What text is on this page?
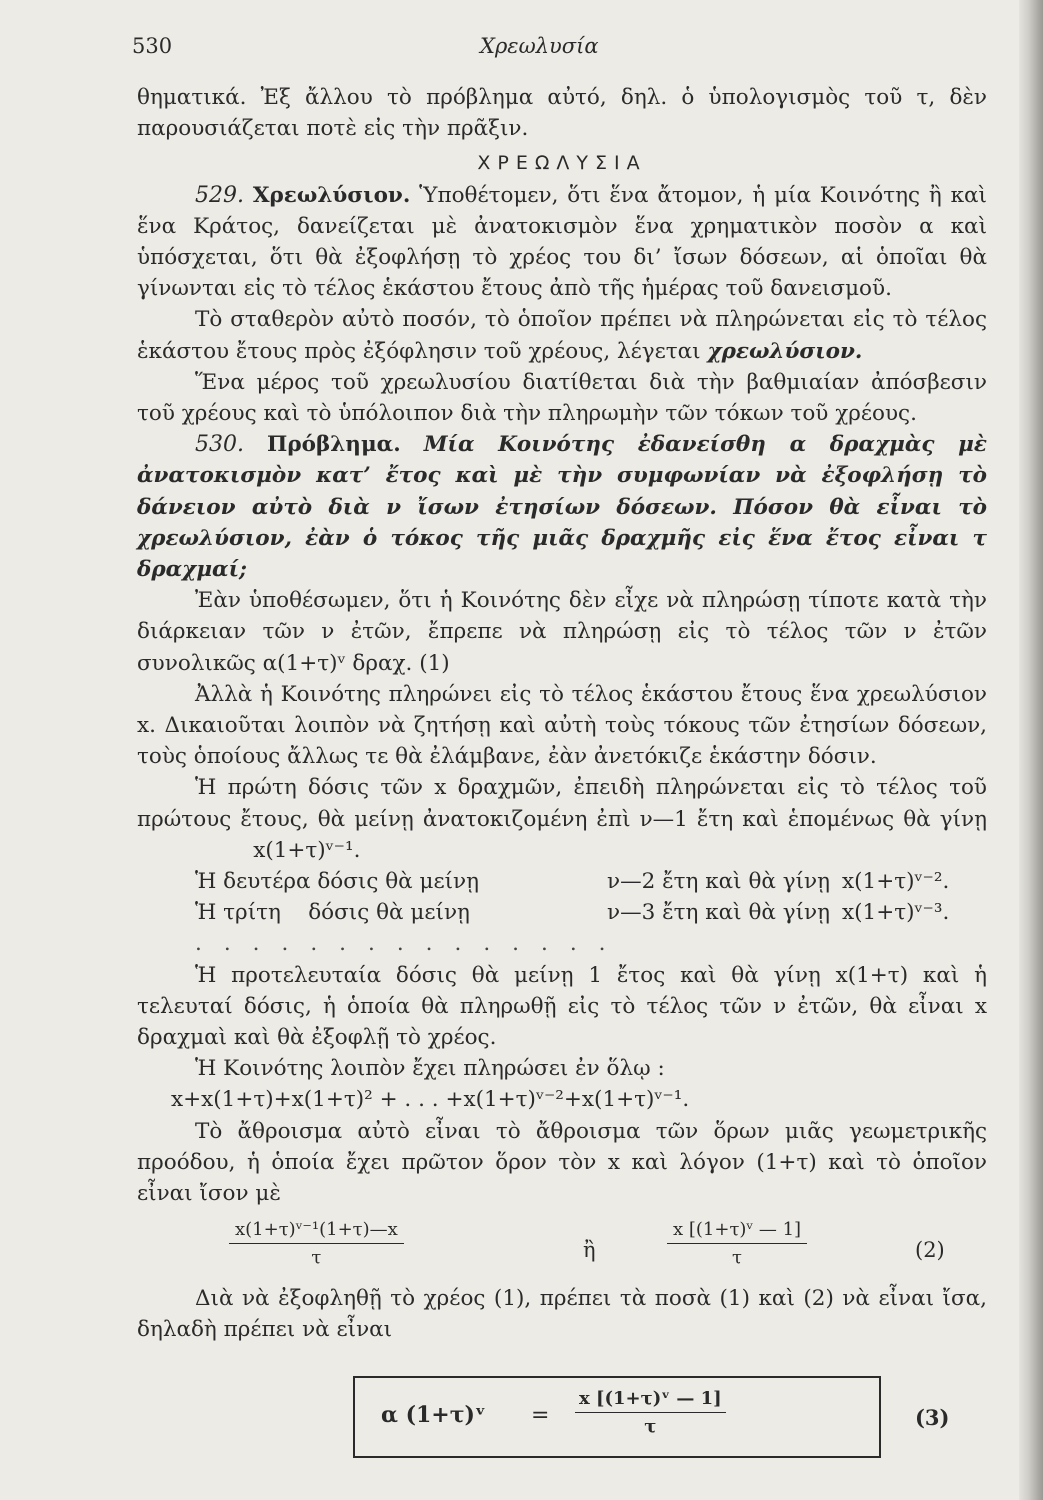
530	Χρεωλυσία

θηματικά. Ἐξ ἄλλου τὸ πρόβλημα αὐτό, δηλ. ὁ ὑπολογισμὸς τοῦ τ, δὲν παρουσιάζεται ποτὲ εἰς τὴν πρᾶξιν.

ΧΡΕΩΛΥΣΙΑ

529. Χρεωλύσιον. Ὑποθέτομεν, ὅτι ἕνα ἄτομον, ἡ μία Κοινότης ἢ καὶ ἕνα Κράτος, δανείζεται μὲ ἀνατοκισμὸν ἕνα χρηματικὸν ποσὸν α καὶ ὑπόσχεται, ὅτι θὰ ἐξοφλήσῃ τὸ χρέος του δι’ ἴσων δόσεων, αἱ ὁποῖαι θὰ γίνωνται εἰς τὸ τέλος ἑκάστου ἔτους ἀπὸ τῆς ἡμέρας τοῦ δανεισμοῦ.

Τὸ σταθερὸν αὐτὸ ποσόν, τὸ ὁποῖον πρέπει νὰ πληρώνεται εἰς τὸ τέλος ἑκάστου ἔτους πρὸς ἐξόφλησιν τοῦ χρέους, λέγεται χρεωλύσιον.

Ἕνα μέρος τοῦ χρεωλυσίου διατίθεται διὰ τὴν βαθμιαίαν ἀπόσβεσιν τοῦ χρέους καὶ τὸ ὑπόλοιπον διὰ τὴν πληρωμὴν τῶν τόκων τοῦ χρέους.

530. Πρόβλημα. Μία Κοινότης ἐδανείσθη α δραχμὰς μὲ ἀνατοκισμὸν κατ’ ἔτος καὶ μὲ τὴν συμφωνίαν νὰ ἐξοφλήσῃ τὸ δάνειον αὐτὸ διὰ ν ἴσων ἐτησίων δόσεων. Πόσον θὰ εἶναι τὸ χρεωλύσιον, ἐὰν ὁ τόκος τῆς μιᾶς δραχμῆς εἰς ἕνα ἔτος εἶναι τ δραχμαί;

Ἐὰν ὑποθέσωμεν, ὅτι ἡ Κοινότης δὲν εἶχε νὰ πληρώσῃ τίποτε κατὰ τὴν διάρκειαν τῶν ν ἐτῶν, ἔπρεπε νὰ πληρώσῃ εἰς τὸ τέλος τῶν ν ἐτῶν συνολικῶς α(1+τ)ᵛ δραχ. (1)

Ἀλλὰ ἡ Κοινότης πληρώνει εἰς τὸ τέλος ἑκάστου ἔτους ἕνα χρεωλύσιον x. Δικαιοῦται λοιπὸν νὰ ζητήσῃ καὶ αὐτὴ τοὺς τόκους τῶν ἐτησίων δόσεων, τοὺς ὁποίους ἄλλως τε θὰ ἐλάμβανε, ἐὰν ἀνετόκιζε ἑκάστην δόσιν.

Ἡ πρώτη δόσις τῶν x δραχμῶν, ἐπειδὴ πληρώνεται εἰς τὸ τέλος τοῦ πρώτους ἔτους, θὰ μείνῃ ἀνατοκιζομένη ἐπὶ ν—1 ἔτη καὶ ἑπομένως θὰ γίνῃ                  x(1+τ)ᵛ⁻¹.

Ἡ δευτέρα δόσις θὰ μείνῃ	ν—2 ἔτη καὶ θὰ γίνῃ x(1+τ)ᵛ⁻².
Ἡ τρίτη    δόσις θὰ μείνῃ	ν—3 ἔτη καὶ θὰ γίνῃ x(1+τ)ᵛ⁻³.
...............

Ἡ προτελευταία δόσις θὰ μείνῃ 1 ἔτος καὶ θὰ γίνῃ x(1+τ) καὶ ἡ τελευταί δόσις, ἡ ὁποία θὰ πληρωθῇ εἰς τὸ τέλος τῶν ν ἐτῶν, θὰ εἶναι x δραχμαὶ καὶ θὰ ἐξοφλῇ τὸ χρέος.

Ἡ Κοινότης λοιπὸν ἔχει πληρώσει ἐν ὅλῳ :

x+x(1+τ)+x(1+τ)² + . . . +x(1+τ)ᵛ⁻²+x(1+τ)ᵛ⁻¹.

Τὸ ἄθροισμα αὐτὸ εἶναι τὸ ἄθροισμα τῶν ὅρων μιᾶς γεωμετρικῆς προόδου, ἡ ὁποία ἔχει πρῶτον ὅρον τὸν x καὶ λόγον (1+τ) καὶ τὸ ὁποῖον εἶναι ἴσον μὲ

$\frac{\text{x(1+τ)ᵛ⁻¹(1+τ)—x}}{\tau}$	ἢ	$\frac{\text{x [(1+τ)ᵛ — 1]}}{\tau}$	(2)

Διὰ νὰ ἐξοφληθῇ τὸ χρέος (1), πρέπει τὰ ποσὰ (1) καὶ (2) νὰ εἶναι ἴσα, δηλαδὴ πρέπει νὰ εἶναι

α (1+τ)ᵛ = $\frac{\text{x [(1+τ)ᵛ — 1]}}{\tau}$	(3)
